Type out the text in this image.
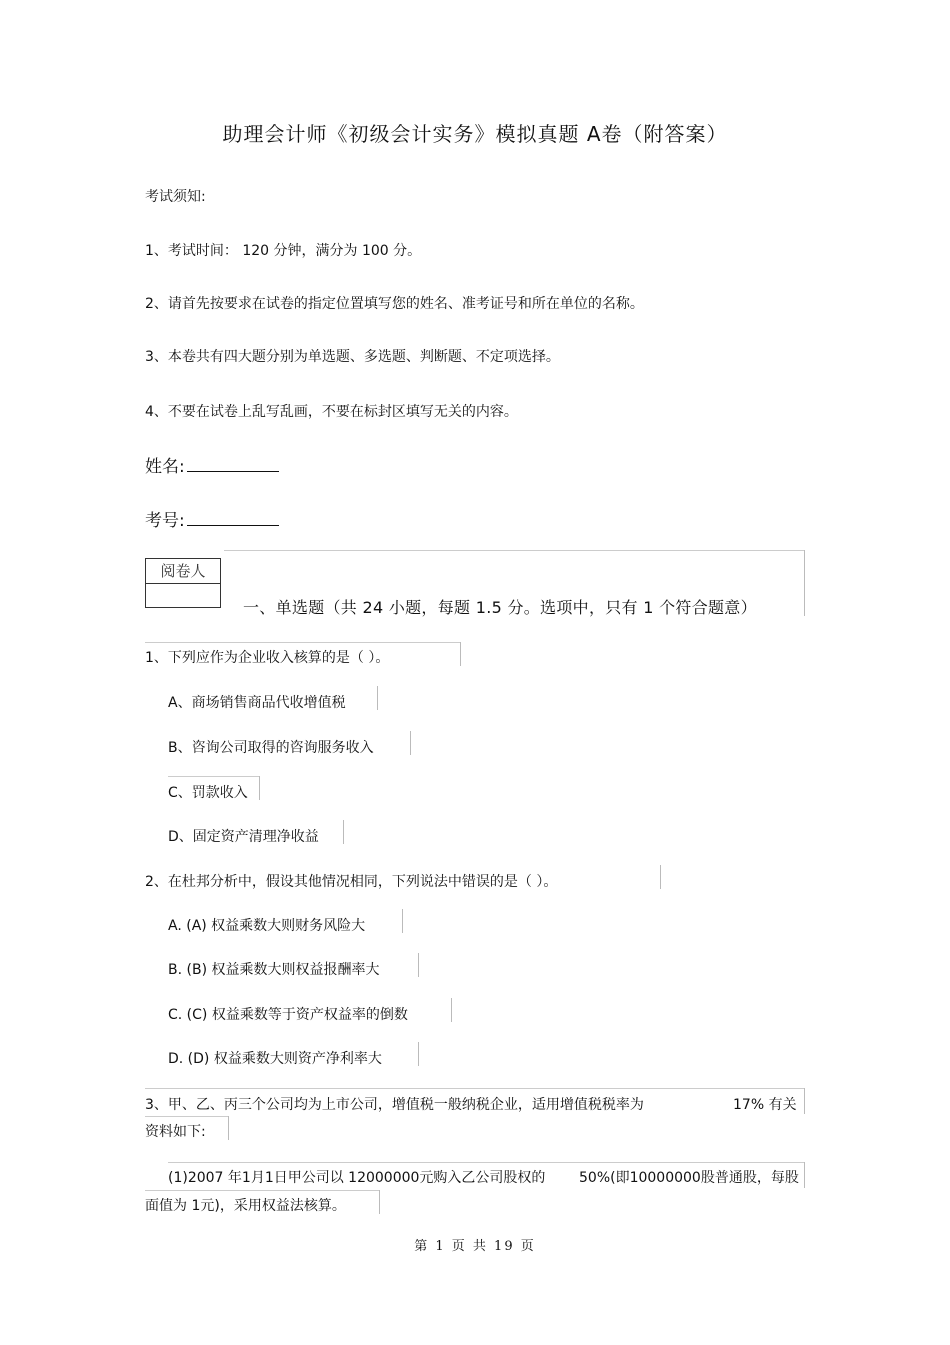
助理会计师《初级会计实务》模拟真题 A卷（附答案）
考试须知:
1、考试时间： 120 分钟，满分为 100 分。
2、请首先按要求在试卷的指定位置填写您的姓名、准考证号和所在单位的名称。
3、本卷共有四大题分别为单选题、多选题、判断题、不定项选择。
4、不要在试卷上乱写乱画，不要在标封区填写无关的内容。
姓名:
考号:
阅卷人
一、单选题（共 24 小题，每题 1.5 分。选项中，只有 1 个符合题意）
1、下列应作为企业收入核算的是（ ）。
A、商场销售商品代收增值税
B、咨询公司取得的咨询服务收入
C、罚款收入
D、固定资产清理净收益
2、在杜邦分析中，假设其他情况相同，下列说法中错误的是（ ）。
A. (A) 权益乘数大则财务风险大
B. (B) 权益乘数大则权益报酬率大
C. (C) 权益乘数等于资产权益率的倒数
D. (D) 权益乘数大则资产净利率大
3、甲、乙、丙三个公司均为上市公司，增值税一般纳税企业，适用增值税税率为	17% 有关
资料如下:
(1)2007 年1月1日甲公司以 12000000元购入乙公司股权的 50%(即10000000股普通股，每股
面值为 1元)，采用权益法核算。
第 1 页 共 19 页
